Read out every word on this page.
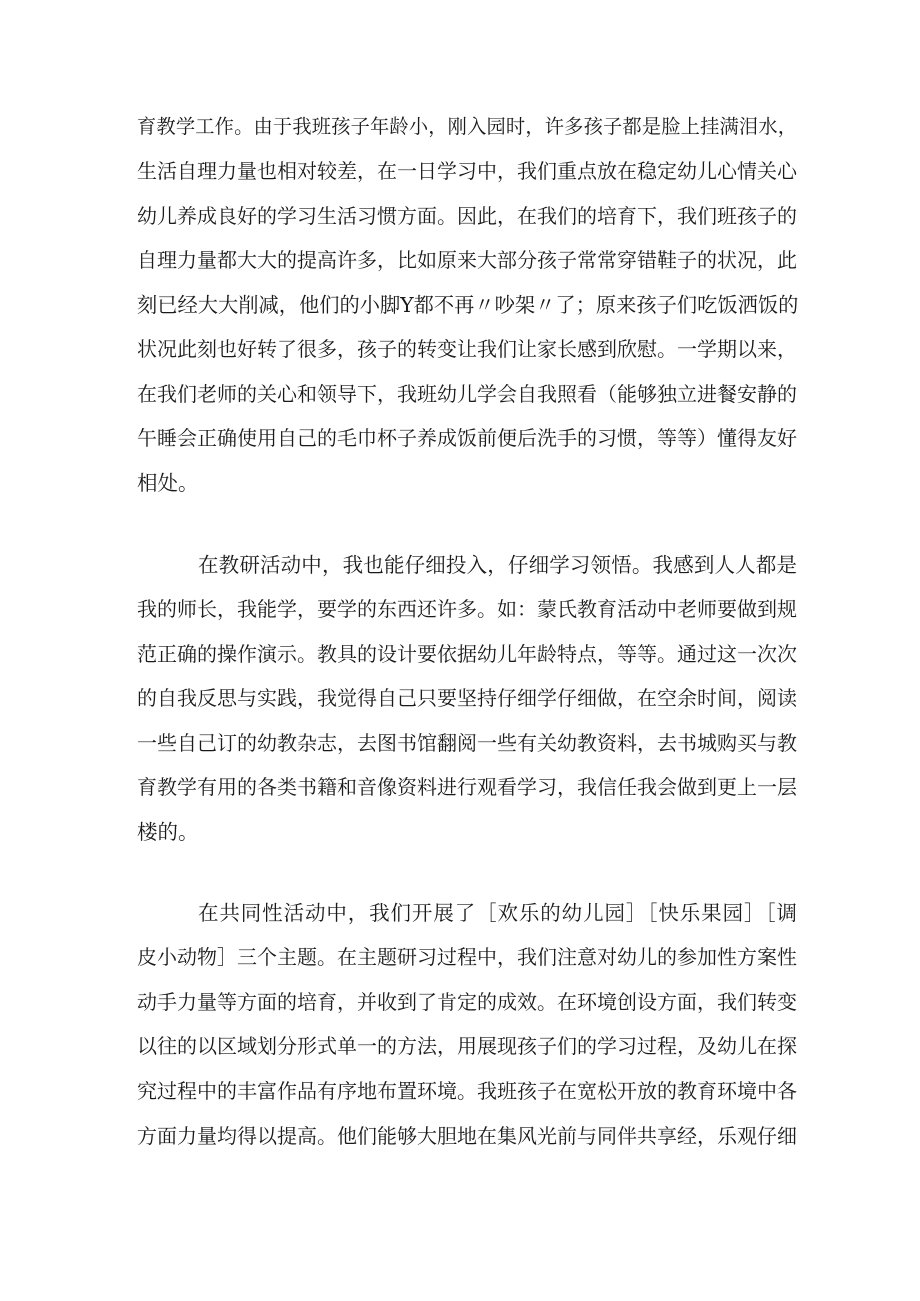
育教学工作。由于我班孩子年龄小，刚入园时，许多孩子都是脸上挂满泪水，
生活自理力量也相对较差，在一日学习中，我们重点放在稳定幼儿心情关心
幼儿养成良好的学习生活习惯方面。因此，在我们的培育下，我们班孩子的
自理力量都大大的提高许多，比如原来大部分孩子常常穿错鞋子的状况，此
刻已经大大削减，他们的小脚Y都不再〃吵架〃了；原来孩子们吃饭洒饭的
状况此刻也好转了很多，孩子的转变让我们让家长感到欣慰。一学期以来，
在我们老师的关心和领导下，我班幼儿学会自我照看（能够独立进餐安静的
午睡会正确使用自己的毛巾杯子养成饭前便后洗手的习惯，等等）懂得友好
相处。
在教研活动中，我也能仔细投入，仔细学习领悟。我感到人人都是
我的师长，我能学，要学的东西还许多。如：蒙氏教育活动中老师要做到规
范正确的操作演示。教具的设计要依据幼儿年龄特点，等等。通过这一次次
的自我反思与实践，我觉得自己只要坚持仔细学仔细做，在空余时间，阅读
一些自己订的幼教杂志，去图书馆翻阅一些有关幼教资料，去书城购买与教
育教学有用的各类书籍和音像资料进行观看学习，我信任我会做到更上一层
楼的。
在共同性活动中，我们开展了［欢乐的幼儿园］［快乐果园］［调
皮小动物］三个主题。在主题研习过程中，我们注意对幼儿的参加性方案性
动手力量等方面的培育，并收到了肯定的成效。在环境创设方面，我们转变
以往的以区域划分形式单一的方法，用展现孩子们的学习过程，及幼儿在探
究过程中的丰富作品有序地布置环境。我班孩子在宽松开放的教育环境中各
方面力量均得以提高。他们能够大胆地在集风光前与同伴共享经，乐观仔细
